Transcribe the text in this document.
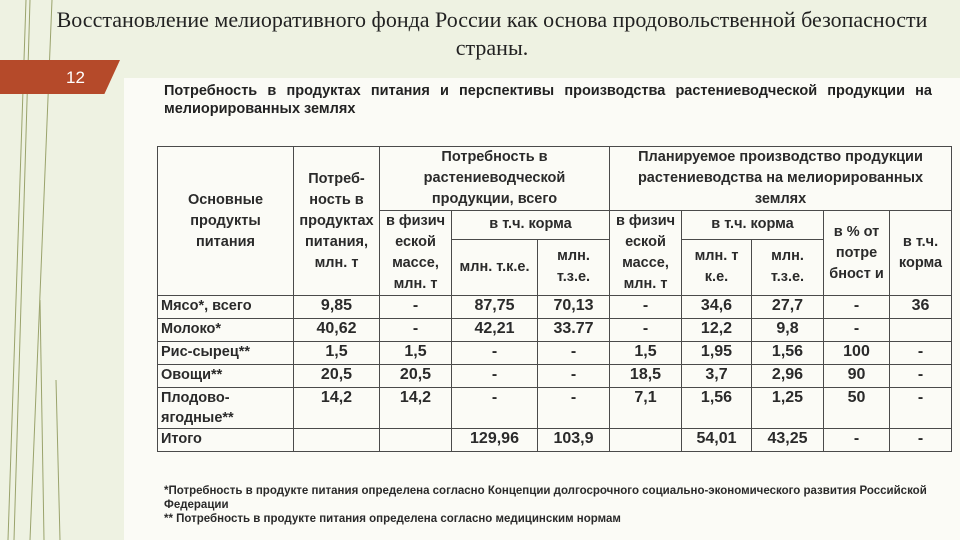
12
Восстановление мелиоративного фонда России как основа продовольственной безопасности страны.
Потребность в продуктах питания и перспективы производства растениеводческой продукции на мелиорированных землях
Основные продукты питания	Потреб-ность в продуктах питания, млн. т	Потребность в растениеводческой продукции, всего			Планируемое производство продукции растениеводства на мелиорированных землях				
		в физич еской массе, млн. т	в т.ч. корма		в физич еской массе, млн. т	в т.ч. корма		в % от потре бност и	в т.ч. корма
			млн. т.к.е.	млн. т.з.е.		млн. т к.е.	млн. т.з.е.		
Мясо*, всего	9,85	-	87,75	70,13	-	34,6	27,7	-	36
Молоко*	40,62	-	42,21	33.77	-	12,2	9,8	-	
Рис-сырец**	1,5	1,5	-	-	1,5	1,95	1,56	100	-
Овощи**	20,5	20,5	-	-	18,5	3,7	2,96	90	-
Плодово-ягодные**	14,2	14,2	-	-	7,1	1,56	1,25	50	-
Итого			129,96	103,9		54,01	43,25	-	-
*Потребность в продукте питания определена согласно Концепции долгосрочного социально-экономического развития Российской Федерации
** Потребность в продукте питания определена согласно медицинским нормам
